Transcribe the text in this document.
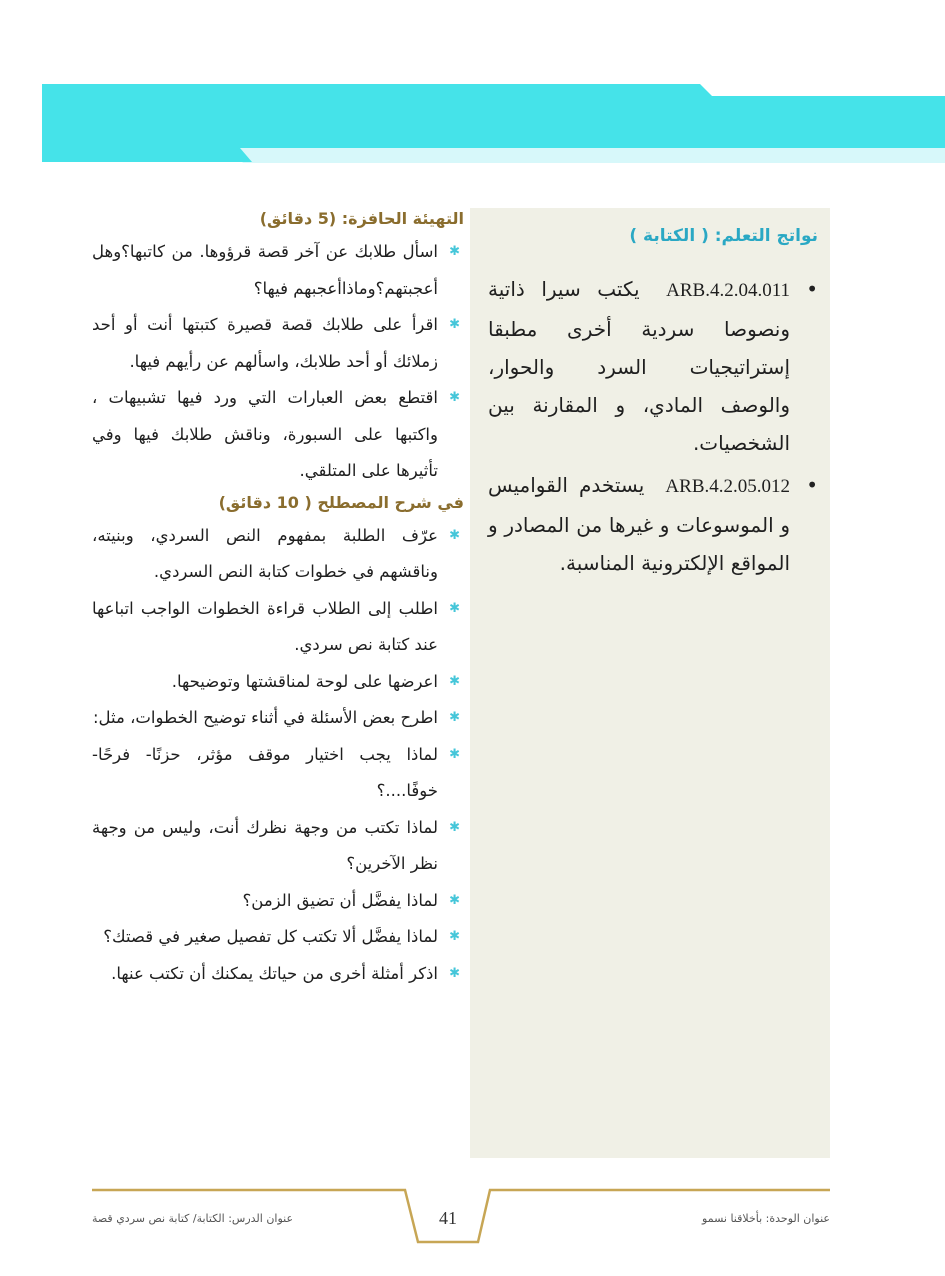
نواتج التعلم: ( الكتابة )
•
ARB.4.2.04.011 يكتب سيرا ذاتية ونصوصا سردية أخرى مطبقا إستراتيجيات السرد والحوار، والوصف المادي، و المقارنة بين الشخصيات.
•
ARB.4.2.05.012 يستخدم القواميس و الموسوعات و غيرها من المصادر و المواقع الإلكترونية المناسبة.
التهيئة الحافزة: (5 دقائق)
✱
اسأل طلابك عن آخر قصة قرؤوها. من كاتبها؟وهل أعجبتهم؟وماذاأعجبهم فيها؟
✱
اقرأ على طلابك قصة قصيرة كتبتها أنت أو أحد زملائك أو أحد طلابك، واسألهم عن رأيهم فيها.
✱
اقتطع بعض العبارات التي ورد فيها تشبيهات ، واكتبها على السبورة، وناقش طلابك فيها وفي تأثيرها على المتلقي.
في شرح المصطلح ( 10 دقائق)
✱
عرّف الطلبة بمفهوم النص السردي، وبنيته، وناقشهم في خطوات كتابة النص السردي.
✱
اطلب إلى الطلاب قراءة الخطوات الواجب اتباعها عند كتابة نص سردي.
✱
اعرضها على لوحة لمناقشتها وتوضيحها.
✱
اطرح بعض الأسئلة في أثناء توضيح الخطوات، مثل:
✱
لماذا يجب اختيار موقف مؤثر، حزنًا- فرحًا- خوفًا....؟
✱
لماذا تكتب من وجهة نظرك أنت، وليس من وجهة نظر الآخرين؟
✱
لماذا يفضَّل أن تضيق الزمن؟
✱
لماذا يفضَّل ألا تكتب كل تفصيل صغير في قصتك؟
✱
اذكر أمثلة أخرى من حياتك يمكنك أن تكتب عنها.
41	عنوان الوحدة: بأخلاقنا نسمو
عنوان الدرس: الكتابة/ كتابة نص سردي قصة
